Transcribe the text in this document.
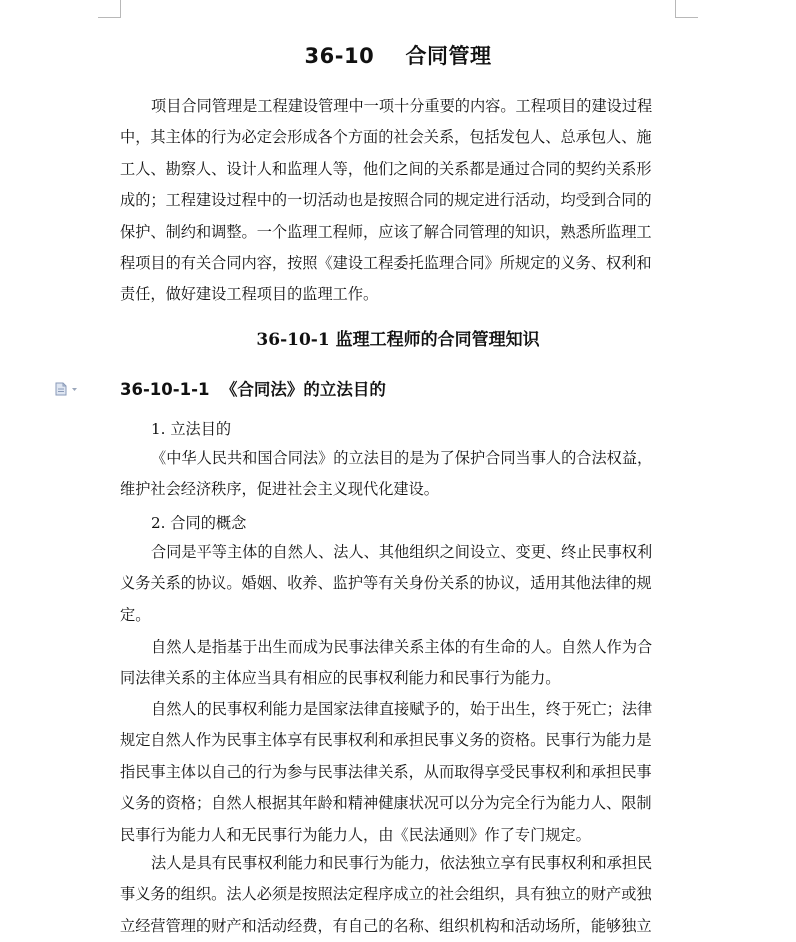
36-10    合同管理

项目合同管理是工程建设管理中一项十分重要的内容。工程项目的建设过程
中，其主体的行为必定会形成各个方面的社会关系，包括发包人、总承包人、施
工人、勘察人、设计人和监理人等，他们之间的关系都是通过合同的契约关系形
成的；工程建设过程中的一切活动也是按照合同的规定进行活动，均受到合同的
保护、制约和调整。一个监理工程师，应该了解合同管理的知识，熟悉所监理工
程项目的有关合同内容，按照《建设工程委托监理合同》所规定的义务、权利和
责任，做好建设工程项目的监理工作。

36-10-1 监理工程师的合同管理知识
36-10-1-1  《合同法》的立法目的
1. 立法目的

《中华人民共和国合同法》的立法目的是为了保护合同当事人的合法权益，
维护社会经济秩序，促进社会主义现代化建设。

2. 合同的概念

合同是平等主体的自然人、法人、其他组织之间设立、变更、终止民事权利
义务关系的协议。婚姻、收养、监护等有关身份关系的协议，适用其他法律的规
定。

自然人是指基于出生而成为民事法律关系主体的有生命的人。自然人作为合
同法律关系的主体应当具有相应的民事权利能力和民事行为能力。

自然人的民事权利能力是国家法律直接赋予的，始于出生，终于死亡；法律
规定自然人作为民事主体享有民事权利和承担民事义务的资格。民事行为能力是
指民事主体以自己的行为参与民事法律关系，从而取得享受民事权利和承担民事
义务的资格；自然人根据其年龄和精神健康状况可以分为完全行为能力人、限制
民事行为能力人和无民事行为能力人，由《民法通则》作了专门规定。

法人是具有民事权利能力和民事行为能力，依法独立享有民事权利和承担民
事义务的组织。法人必须是按照法定程序成立的社会组织，具有独立的财产或独
立经营管理的财产和活动经费，有自己的名称、组织机构和活动场所，能够独立
